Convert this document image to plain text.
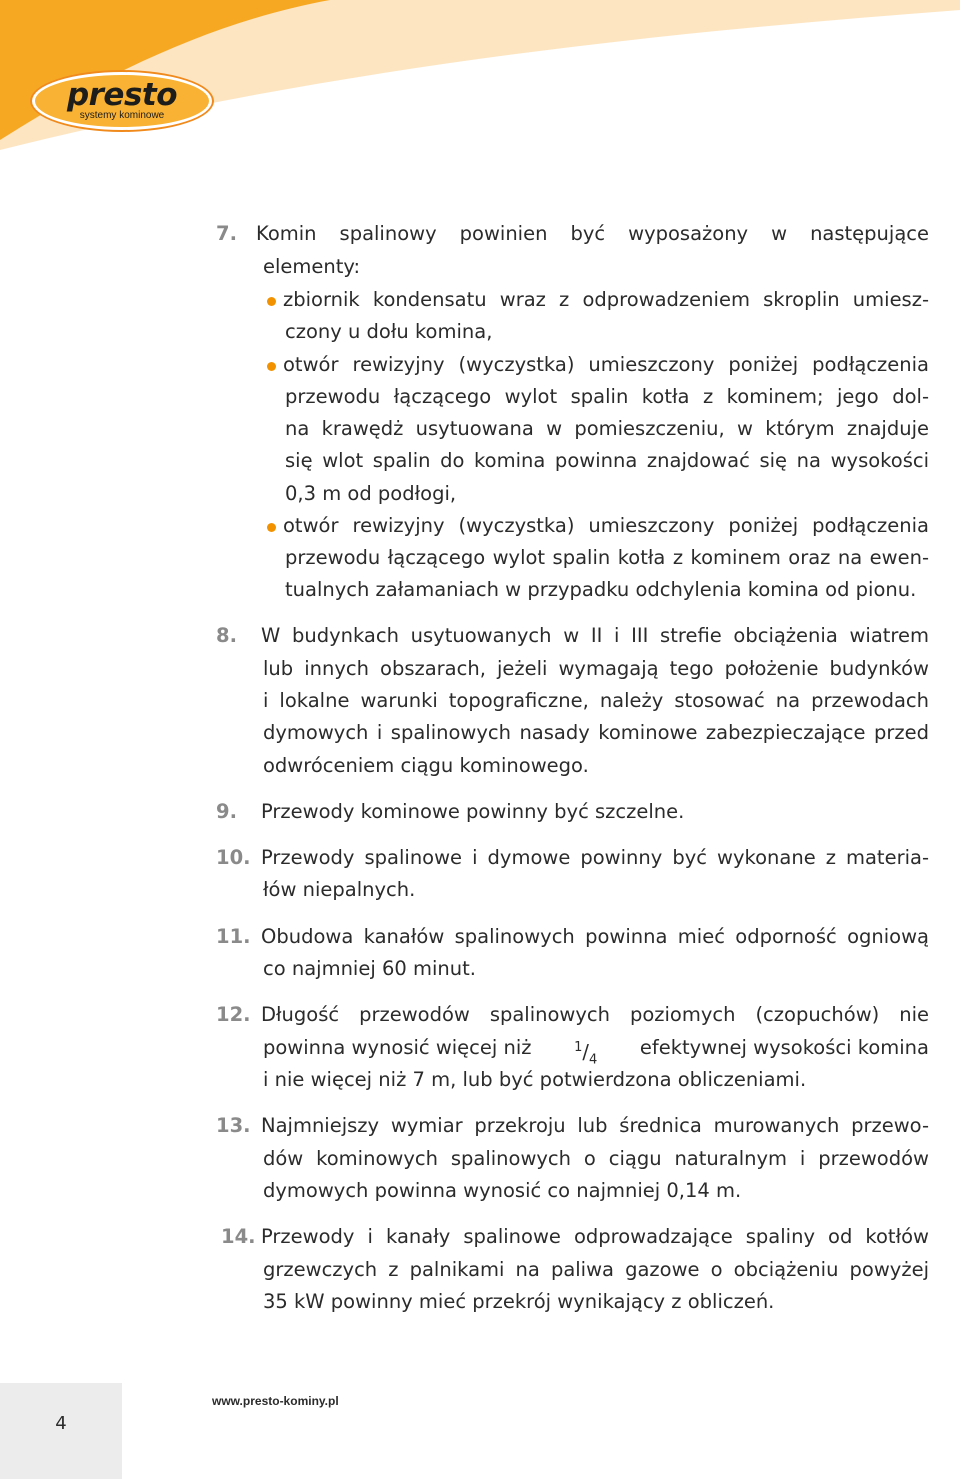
presto
systemy kominowe

7. Komin spalinowy powinien być wyposażony w następujące

elementy:

zbiornik kondensatu wraz z odprowadzeniem skroplin umiesz-

czony u dołu komina,

otwór rewizyjny (wyczystka) umieszczony poniżej podłączenia

przewodu łączącego wylot spalin kotła z kominem; jego dol-

na krawędż usytuowana w pomieszczeniu, w którym znajduje

się wlot spalin do komina powinna znajdować się na wysokości

0,3 m od podłogi,

otwór rewizyjny (wyczystka) umieszczony poniżej podłączenia

przewodu łączącego wylot spalin kotła z kominem oraz na ewen-

tualnych załamaniach w przypadku odchylenia komina od pionu.

8. W budynkach usytuowanych w II i III strefie obciążenia wiatrem

lub innych obszarach, jeżeli wymagają tego położenie budynków

i lokalne warunki topograficzne, należy stosować na przewodach

dymowych i spalinowych nasady kominowe zabezpieczające przed

odwróceniem ciągu kominowego.

9. Przewody kominowe powinny być szczelne.

10. Przewody spalinowe i dymowe powinny być wykonane z materia-

łów niepalnych.

11. Obudowa kanałów spalinowych powinna mieć odporność ogniową

co najmniej 60 minut.

12. Długość przewodów spalinowych poziomych (czopuchów) nie

powinna wynosić więcej niż	$^1/_4$
efektywnej wysokości komina

i nie więcej niż 7 m, lub być potwierdzona obliczeniami.

13. Najmniejszy wymiar przekroju lub średnica murowanych przewo-

dów kominowych spalinowych o ciągu naturalnym i przewodów

dymowych powinna wynosić co najmniej 0,14 m.

14. Przewody i kanały spalinowe odprowadzające spaliny od kotłów

grzewczych z palnikami na paliwa gazowe o obciążeniu powyżej

35 kW powinny mieć przekrój wynikający z obliczeń.

4
www.presto-kominy.pl
